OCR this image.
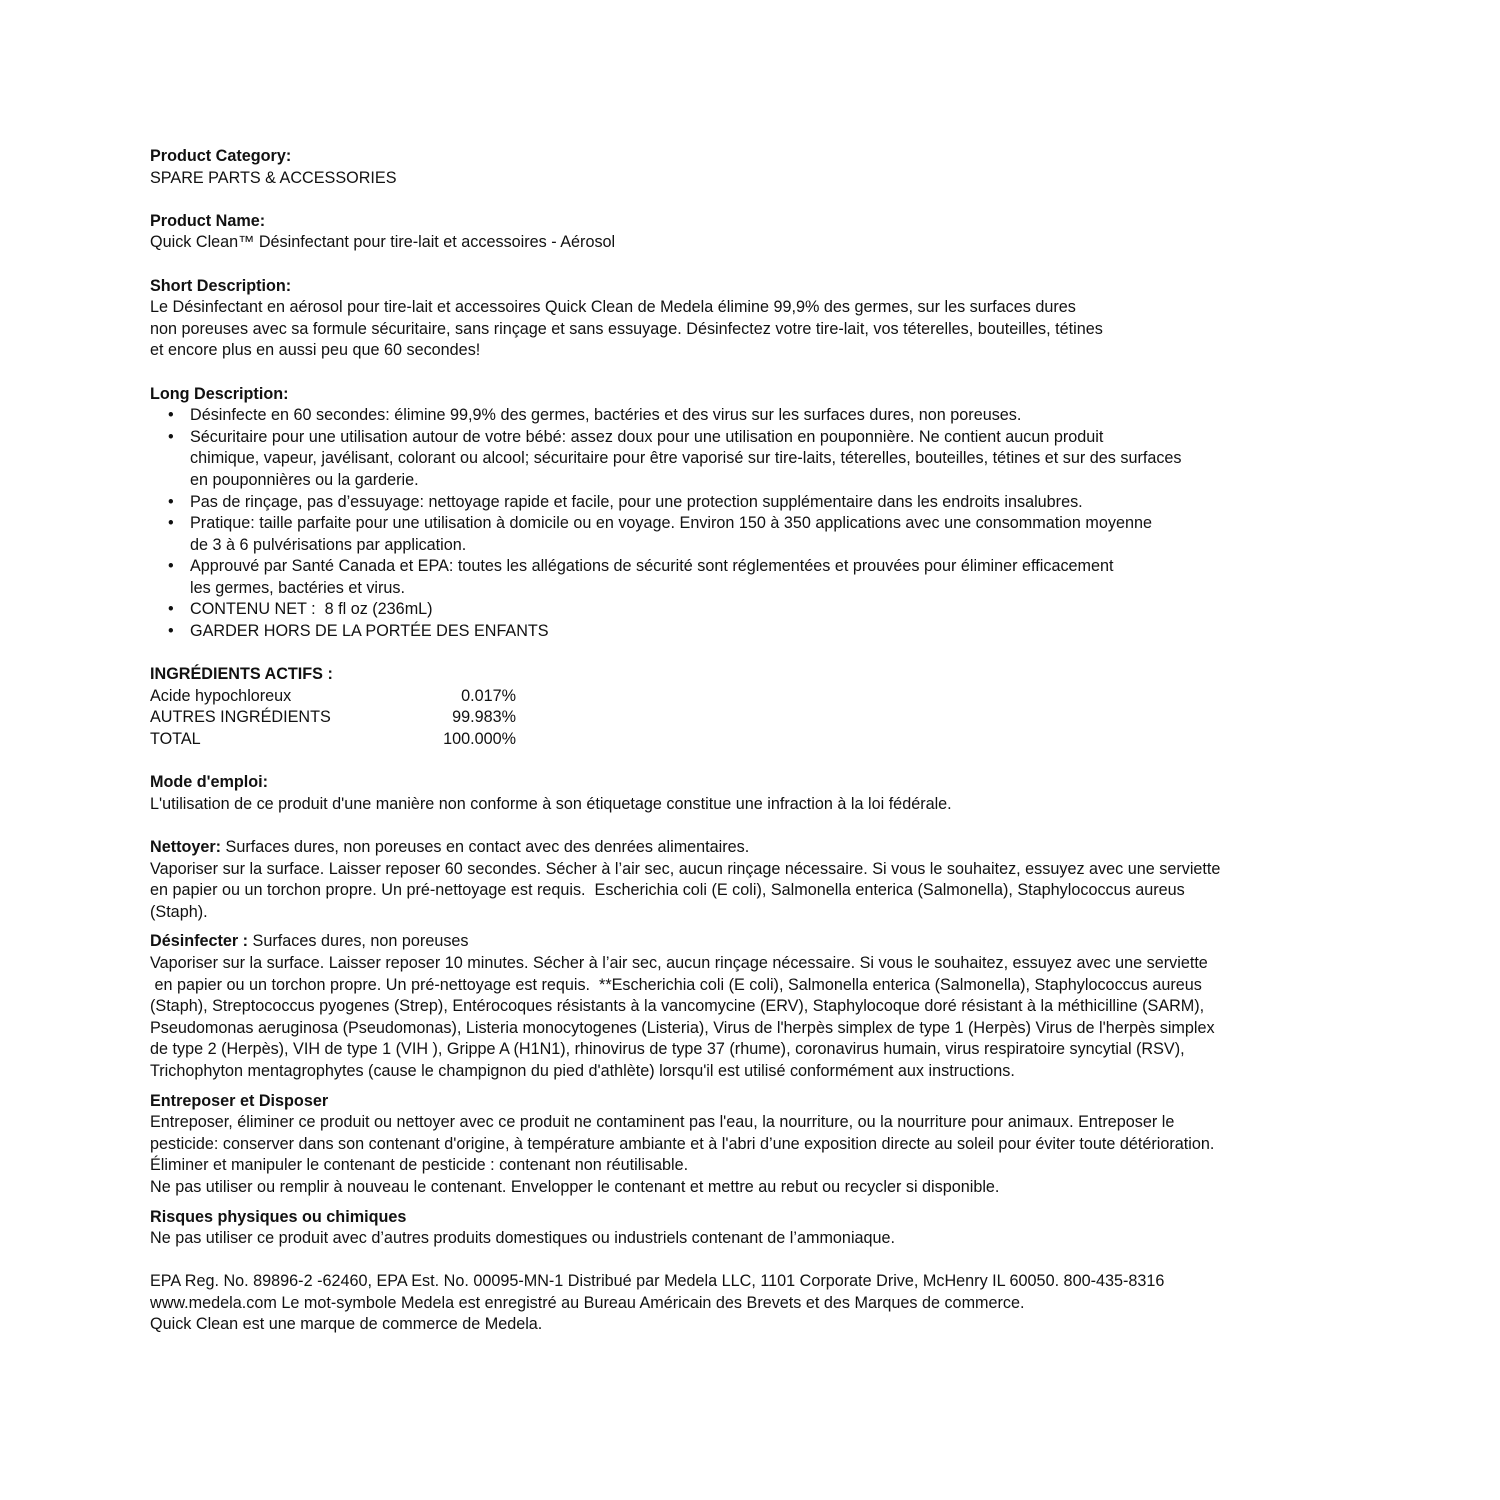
Product Category:
SPARE PARTS & ACCESSORIES
Product Name:
Quick Clean™ Désinfectant pour tire-lait et accessoires - Aérosol
Short Description:
Le Désinfectant en aérosol pour tire-lait et accessoires Quick Clean de Medela élimine 99,9% des germes, sur les surfaces dures
non poreuses avec sa formule sécuritaire, sans rinçage et sans essuyage. Désinfectez votre tire-lait, vos téterelles, bouteilles, tétines
et encore plus en aussi peu que 60 secondes!
Long Description:
• Désinfecte en 60 secondes: élimine 99,9% des germes, bactéries et des virus sur les surfaces dures, non poreuses.
• Sécuritaire pour une utilisation autour de votre bébé: assez doux pour une utilisation en pouponnière. Ne contient aucun produit
chimique, vapeur, javélisant, colorant ou alcool; sécuritaire pour être vaporisé sur tire-laits, téterelles, bouteilles, tétines et sur des surfaces
en pouponnières ou la garderie.
• Pas de rinçage, pas d’essuyage: nettoyage rapide et facile, pour une protection supplémentaire dans les endroits insalubres.
• Pratique: taille parfaite pour une utilisation à domicile ou en voyage. Environ 150 à 350 applications avec une consommation moyenne
de 3 à 6 pulvérisations par application.
• Approuvé par Santé Canada et EPA: toutes les allégations de sécurité sont réglementées et prouvées pour éliminer efficacement
les germes, bactéries et virus.
• CONTENU NET :  8 fl oz (236mL)
• GARDER HORS DE LA PORTÉE DES ENFANTS
INGRÉDIENTS ACTIFS :
Acide hypochloreux	0.017%
AUTRES INGRÉDIENTS	99.983%
TOTAL	100.000%
Mode d'emploi:
L'utilisation de ce produit d'une manière non conforme à son étiquetage constitue une infraction à la loi fédérale.
Nettoyer: Surfaces dures, non poreuses en contact avec des denrées alimentaires.
Vaporiser sur la surface. Laisser reposer 60 secondes. Sécher à l’air sec, aucun rinçage nécessaire. Si vous le souhaitez, essuyez avec une serviette
en papier ou un torchon propre. Un pré-nettoyage est requis.  Escherichia coli (E coli), Salmonella enterica (Salmonella), Staphylococcus aureus
(Staph).
Désinfecter : Surfaces dures, non poreuses
Vaporiser sur la surface. Laisser reposer 10 minutes. Sécher à l’air sec, aucun rinçage nécessaire. Si vous le souhaitez, essuyez avec une serviette
en papier ou un torchon propre. Un pré-nettoyage est requis.  **Escherichia coli (E coli), Salmonella enterica (Salmonella), Staphylococcus aureus
(Staph), Streptococcus pyogenes (Strep), Entérocoques résistants à la vancomycine (ERV), Staphylocoque doré résistant à la méthicilline (SARM),
Pseudomonas aeruginosa (Pseudomonas), Listeria monocytogenes (Listeria), Virus de l'herpès simplex de type 1 (Herpès) Virus de l'herpès simplex
de type 2 (Herpès), VIH de type 1 (VIH ), Grippe A (H1N1), rhinovirus de type 37 (rhume), coronavirus humain, virus respiratoire syncytial (RSV),
Trichophyton mentagrophytes (cause le champignon du pied d'athlète) lorsqu'il est utilisé conformément aux instructions.
Entreposer et Disposer
Entreposer, éliminer ce produit ou nettoyer avec ce produit ne contaminent pas l'eau, la nourriture, ou la nourriture pour animaux. Entreposer le
pesticide: conserver dans son contenant d'origine, à température ambiante et à l'abri d’une exposition directe au soleil pour éviter toute détérioration.
Éliminer et manipuler le contenant de pesticide : contenant non réutilisable.
Ne pas utiliser ou remplir à nouveau le contenant. Envelopper le contenant et mettre au rebut ou recycler si disponible.
Risques physiques ou chimiques
Ne pas utiliser ce produit avec d’autres produits domestiques ou industriels contenant de l’ammoniaque.
EPA Reg. No. 89896-2 -62460, EPA Est. No. 00095-MN-1 Distribué par Medela LLC, 1101 Corporate Drive, McHenry IL 60050. 800-435-8316
www.medela.com Le mot-symbole Medela est enregistré au Bureau Américain des Brevets et des Marques de commerce.
Quick Clean est une marque de commerce de Medela.
